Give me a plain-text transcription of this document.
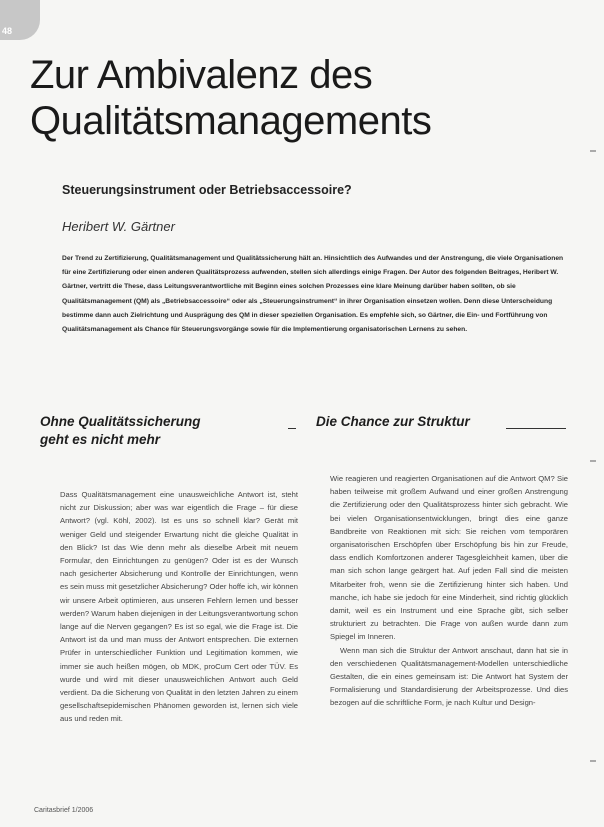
48
Zur Ambivalenz des
Qualitätsmanagements
Steuerungsinstrument oder Betriebsaccessoire?

Heribert W. Gärtner

Der Trend zu Zertifizierung, Qualitätsmanagement und Qualitätssicherung hält an. Hinsichtlich des Aufwandes und der Anstrengung, die viele Organisationen für eine Zertifizierung oder einen anderen Qualitätsprozess aufwenden, stellen sich allerdings einige Fragen. Der Autor des folgenden Beitrages, Heribert W. Gärtner, vertritt die These, dass Leitungsverantwortliche mit Beginn eines solchen Prozesses eine klare Meinung darüber haben sollten, ob sie Qualitätsmanagement (QM) als „Betriebsaccessoire“ oder als „Steuerungsinstrument“ in ihrer Organisation einsetzen wollen. Denn diese Unterscheidung bestimme dann auch Zielrichtung und Ausprägung des QM in dieser speziellen Organisation. Es empfehle sich, so Gärtner, die Ein- und Fortführung von Qualitätsmanagement als Chance für Steuerungsvorgänge sowie für die Implementierung organisatorischen Lernens zu sehen.

Ohne Qualitätssicherung
geht es nicht mehr
Die Chance zur Struktur

Dass Qualitätsmanagement eine unausweichliche Antwort ist, steht nicht zur Diskussion; aber was war eigentlich die Frage – für diese Antwort? (vgl. Köhl, 2002). Ist es uns so schnell klar? Gerät mit weniger Geld und steigender Erwartung nicht die gleiche Qualität in den Blick? Ist das Wie denn mehr als dieselbe Arbeit mit neuem Formular, den Einrichtungen zu genügen? Oder ist es der Wunsch nach gesicherter Absicherung und Kontrolle der Einrichtungen, wenn es sein muss mit gesetzlicher Absicherung? Oder hoffe ich, wir können wir unsere Arbeit optimieren, aus unseren Fehlern lernen und besser werden? Warum haben diejenigen in der Leitungsverantwortung schon lange auf die Nerven gegangen? Es ist so egal, wie die Frage ist. Die Antwort ist da und man muss der Antwort entsprechen. Die externen Prüfer in unterschiedlicher Funktion und Legitimation kommen, wie immer sie auch heißen mögen, ob MDK, proCum Cert oder TÜV. Es wurde und wird mit dieser unausweichlichen Antwort auch Geld verdient. Da die Sicherung von Qualität in den letzten Jahren zu einem gesellschaftsepidemischen Phänomen geworden ist, lernen sich viele aus und reden mit.

Wie reagieren und reagierten Organisationen auf die Antwort QM? Sie haben teilweise mit großem Aufwand und einer großen Anstrengung die Zertifizierung oder den Qualitätsprozess hinter sich gebracht. Wie bei vielen Organisationsentwicklungen, bringt dies eine ganze Bandbreite von Reaktionen mit sich: Sie reichen vom temporären organisatorischen Erschöpfen über Erschöpfung bis hin zur Freude, dass endlich Komfortzonen anderer Tagesgleichheit kamen, über die man sich schon lange geärgert hat. Auf jeden Fall sind die meisten Mitarbeiter froh, wenn sie die Zertifizierung hinter sich haben. Und manche, ich habe sie jedoch für eine Minderheit, sind richtig glücklich damit, weil es ein Instrument und eine Sprache gibt, sich selber strukturiert zu betrachten. Die Frage von außen wurde dann zum Spiegel im Inneren.

Wenn man sich die Struktur der Antwort anschaut, dann hat sie in den verschiedenen Qualitätsmanagement-Modellen unterschiedliche Gestalten, die ein eines gemeinsam ist: Die Antwort hat System der Formalisierung und Standardisierung der Arbeitsprozesse. Und dies bezogen auf die schriftliche Form, je nach Kultur und Design-

Caritasbrief 1/2006
